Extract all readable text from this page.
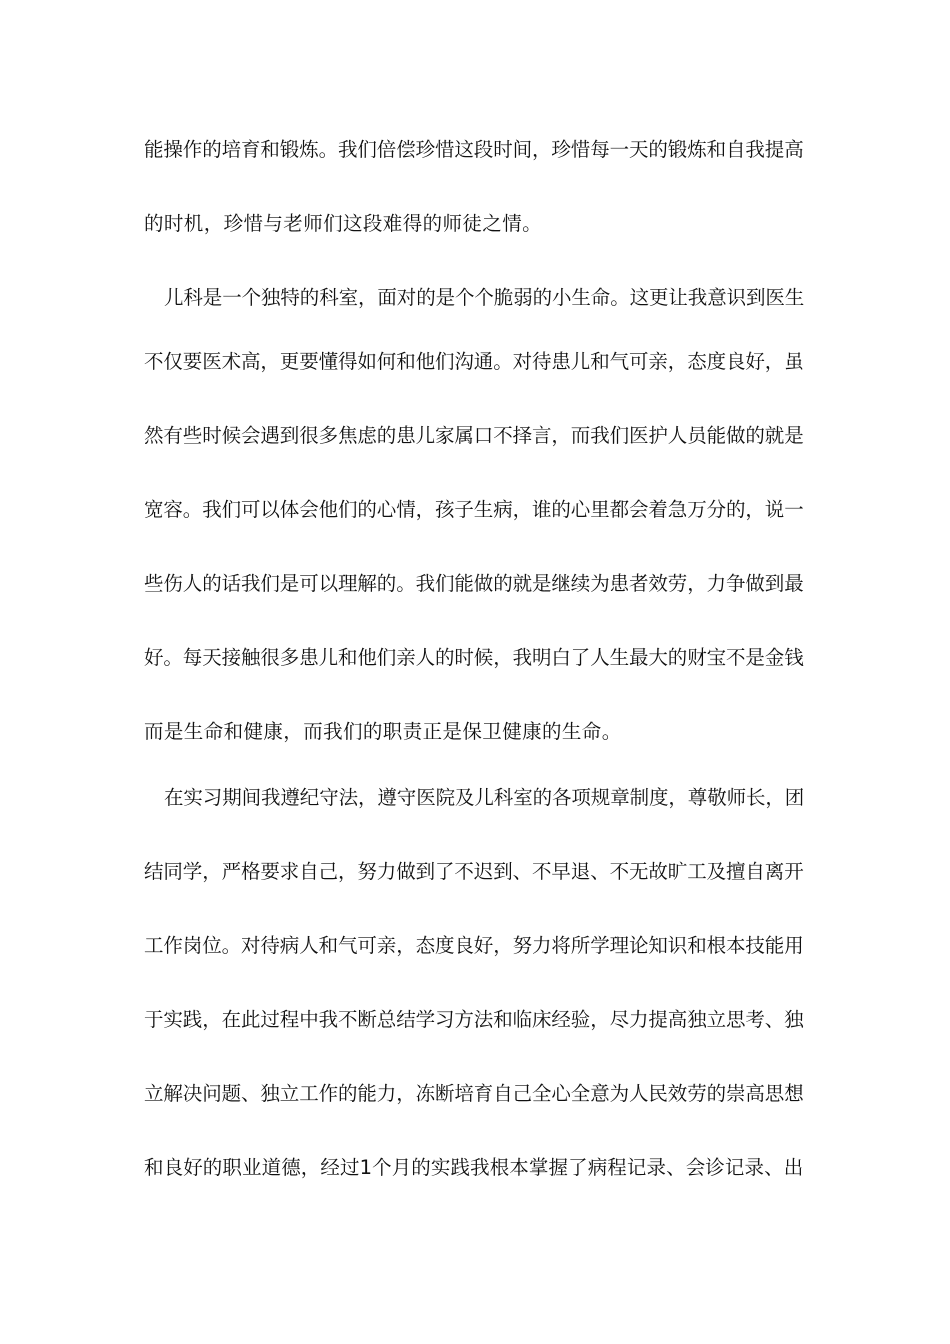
能操作的培育和锻炼。我们倍偿珍惜这段时间，珍惜每一天的锻炼和自我提高
的时机，珍惜与老师们这段难得的师徒之情。
儿科是一个独特的科室，面对的是个个脆弱的小生命。这更让我意识到医生
不仅要医术高，更要懂得如何和他们沟通。对待患儿和气可亲，态度良好，虽
然有些时候会遇到很多焦虑的患儿家属口不择言，而我们医护人员能做的就是
宽容。我们可以体会他们的心情，孩子生病，谁的心里都会着急万分的，说一
些伤人的话我们是可以理解的。我们能做的就是继续为患者效劳，力争做到最
好。每天接触很多患儿和他们亲人的时候，我明白了人生最大的财宝不是金钱
而是生命和健康，而我们的职责正是保卫健康的生命。
在实习期间我遵纪守法，遵守医院及儿科室的各项规章制度，尊敬师长，团
结同学，严格要求自己，努力做到了不迟到、不早退、不无故旷工及擅自离开
工作岗位。对待病人和气可亲，态度良好，努力将所学理论知识和根本技能用
于实践，在此过程中我不断总结学习方法和临床经验，尽力提高独立思考、独
立解决问题、独立工作的能力，冻断培育自己全心全意为人民效劳的崇高思想
和良好的职业道德，经过1个月的实践我根本掌握了病程记录、会诊记录、出
